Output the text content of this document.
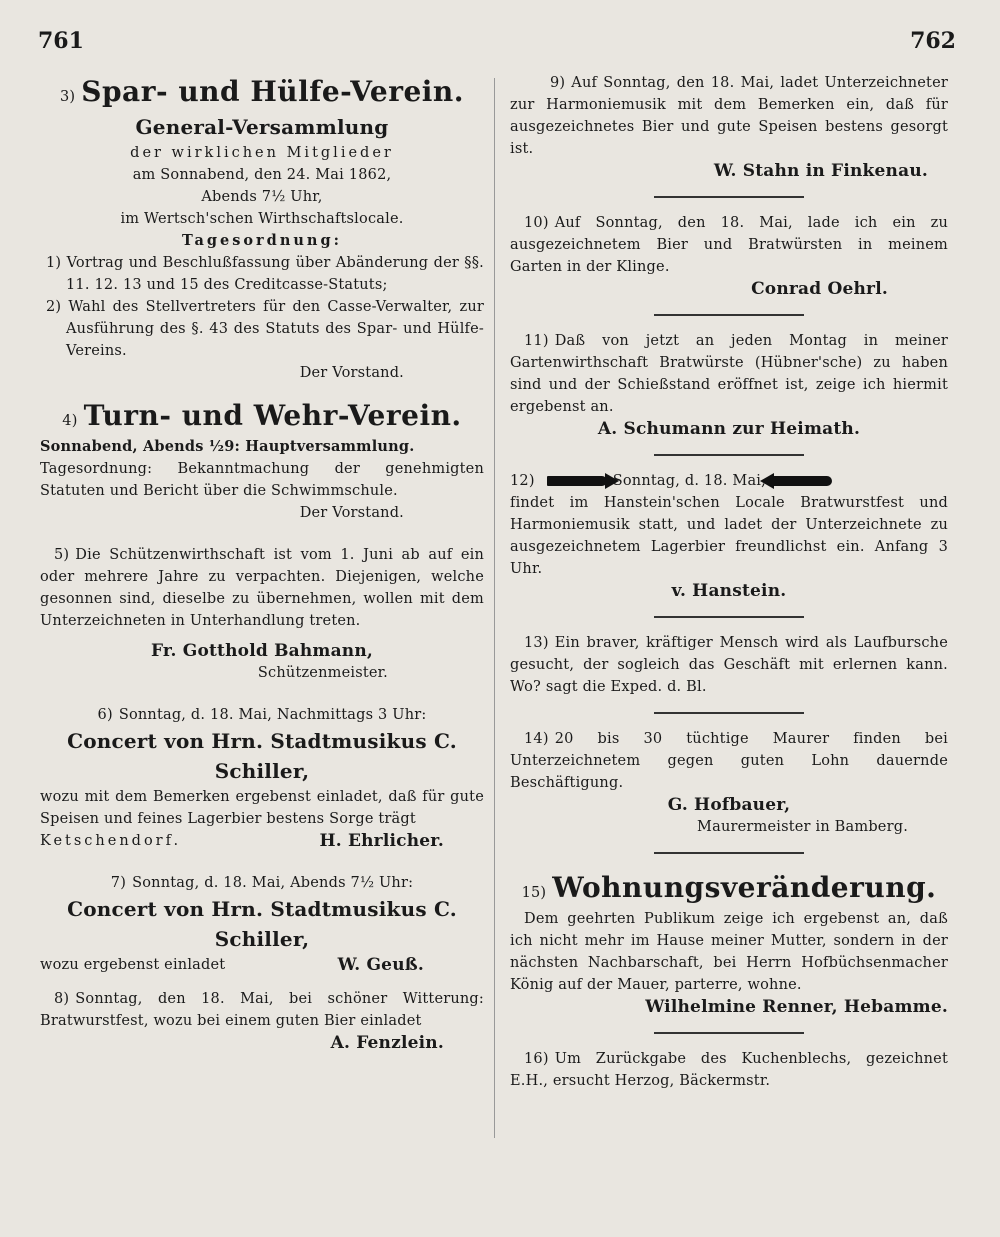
761	762

3) Spar- und Hülfe-Verein.

General-Versammlung

der wirklichen Mitglieder

am Sonnabend, den 24. Mai 1862,

Abends 7½ Uhr,

im Wertsch'schen Wirthschaftslocale.

Tagesordnung:

1) Vortrag und Beschlußfassung über Abänderung der §§. 11. 12. 13 und 15 des Creditcasse-Statuts;

2) Wahl des Stellvertreters für den Casse-Verwalter, zur Ausführung des §. 43 des Statuts des Spar- und Hülfe-Vereins.

Der Vorstand.

4) Turn- und Wehr-Verein.

Sonnabend, Abends ½9: Hauptversammlung.

Tagesordnung: Bekanntmachung der genehmigten Statuten und Bericht über die Schwimmschule.

Der Vorstand.

5) Die Schützenwirthschaft ist vom 1. Juni ab auf ein oder mehrere Jahre zu verpachten. Diejenigen, welche gesonnen sind, dieselbe zu übernehmen, wollen mit dem Unterzeichneten in Unterhandlung treten.

Fr. Gotthold Bahmann,

Schützenmeister.

6) Sonntag, d. 18. Mai, Nachmittags 3 Uhr:

Concert von Hrn. Stadtmusikus C. Schiller,

wozu mit dem Bemerken ergebenst einladet, daß für gute Speisen und feines Lagerbier bestens Sorge trägt

Ketschendorf.	H. Ehrlicher.

7) Sonntag, d. 18. Mai, Abends 7½ Uhr:

Concert von Hrn. Stadtmusikus C. Schiller,

wozu ergebenst einladet	W. Geuß.

8) Sonntag, den 18. Mai, bei schöner Witterung: Bratwurstfest, wozu bei einem guten Bier einladet

A. Fenzlein.

9) Auf Sonntag, den 18. Mai, ladet Unterzeichneter zur Harmoniemusik mit dem Bemerken ein, daß für ausgezeichnetes Bier und gute Speisen bestens gesorgt ist.

W. Stahn in Finkenau.

10) Auf Sonntag, den 18. Mai, lade ich ein zu ausgezeichnetem Bier und Bratwürsten in meinem Garten in der Klinge.

Conrad Oehrl.

11) Daß von jetzt an jeden Montag in meiner Gartenwirthschaft Bratwürste (Hübner'sche) zu haben sind und der Schießstand eröffnet ist, zeige ich hiermit ergebenst an.

A. Schumann zur Heimath.

12)	Sonntag, d. 18. Mai,

findet im Hanstein'schen Locale Bratwurstfest und Harmoniemusik statt, und ladet der Unterzeichnete zu ausgezeichnetem Lagerbier freundlichst ein. Anfang 3 Uhr.

v. Hanstein.

13) Ein braver, kräftiger Mensch wird als Laufbursche gesucht, der sogleich das Geschäft mit erlernen kann. Wo? sagt die Exped. d. Bl.

14) 20 bis 30 tüchtige Maurer finden bei Unterzeichnetem gegen guten Lohn dauernde Beschäftigung.

G. Hofbauer,

Maurermeister in Bamberg.

15) Wohnungsveränderung.

Dem geehrten Publikum zeige ich ergebenst an, daß ich nicht mehr im Hause meiner Mutter, sondern in der nächsten Nachbarschaft, bei Herrn Hofbüchsenmacher König auf der Mauer, parterre, wohne.

Wilhelmine Renner, Hebamme.

16) Um Zurückgabe des Kuchenblechs, gezeichnet E.H., ersucht Herzog, Bäckermstr.
